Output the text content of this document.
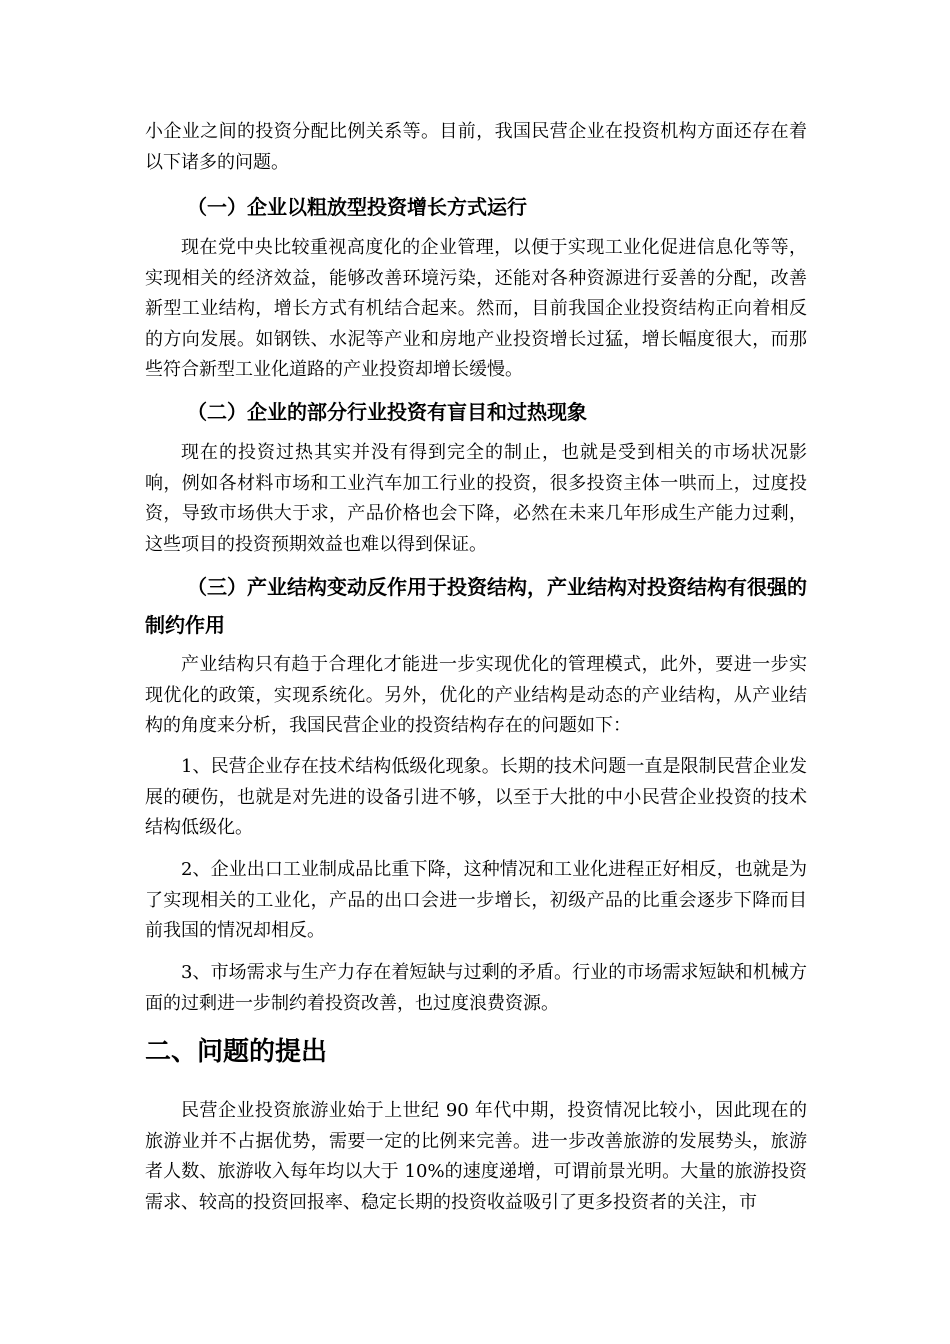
小企业之间的投资分配比例关系等。目前，我国民营企业在投资机构方面还存在着以下诸多的问题。

（一）企业以粗放型投资增长方式运行

现在党中央比较重视高度化的企业管理，以便于实现工业化促进信息化等等，实现相关的经济效益，能够改善环境污染，还能对各种资源进行妥善的分配，改善新型工业结构，增长方式有机结合起来。然而，目前我国企业投资结构正向着相反的方向发展。如钢铁、水泥等产业和房地产业投资增长过猛，增长幅度很大，而那些符合新型工业化道路的产业投资却增长缓慢。

（二）企业的部分行业投资有盲目和过热现象

现在的投资过热其实并没有得到完全的制止，也就是受到相关的市场状况影响，例如各材料市场和工业汽车加工行业的投资，很多投资主体一哄而上，过度投资，导致市场供大于求，产品价格也会下降，必然在未来几年形成生产能力过剩，这些项目的投资预期效益也难以得到保证。

（三）产业结构变动反作用于投资结构，产业结构对投资结构有很强的制约作用

产业结构只有趋于合理化才能进一步实现优化的管理模式，此外，要进一步实现优化的政策，实现系统化。另外，优化的产业结构是动态的产业结构，从产业结构的角度来分析，我国民营企业的投资结构存在的问题如下：

1、民营企业存在技术结构低级化现象。长期的技术问题一直是限制民营企业发展的硬伤，也就是对先进的设备引进不够，以至于大批的中小民营企业投资的技术结构低级化。

2、企业出口工业制成品比重下降，这种情况和工业化进程正好相反，也就是为了实现相关的工业化，产品的出口会进一步增长，初级产品的比重会逐步下降而目前我国的情况却相反。

3、市场需求与生产力存在着短缺与过剩的矛盾。行业的市场需求短缺和机械方面的过剩进一步制约着投资改善，也过度浪费资源。

二、问题的提出

民营企业投资旅游业始于上世纪 90 年代中期，投资情况比较小，因此现在的旅游业并不占据优势，需要一定的比例来完善。进一步改善旅游的发展势头，旅游者人数、旅游收入每年均以大于 10%的速度递增，可谓前景光明。大量的旅游投资需求、较高的投资回报率、稳定长期的投资收益吸引了更多投资者的关注，市
